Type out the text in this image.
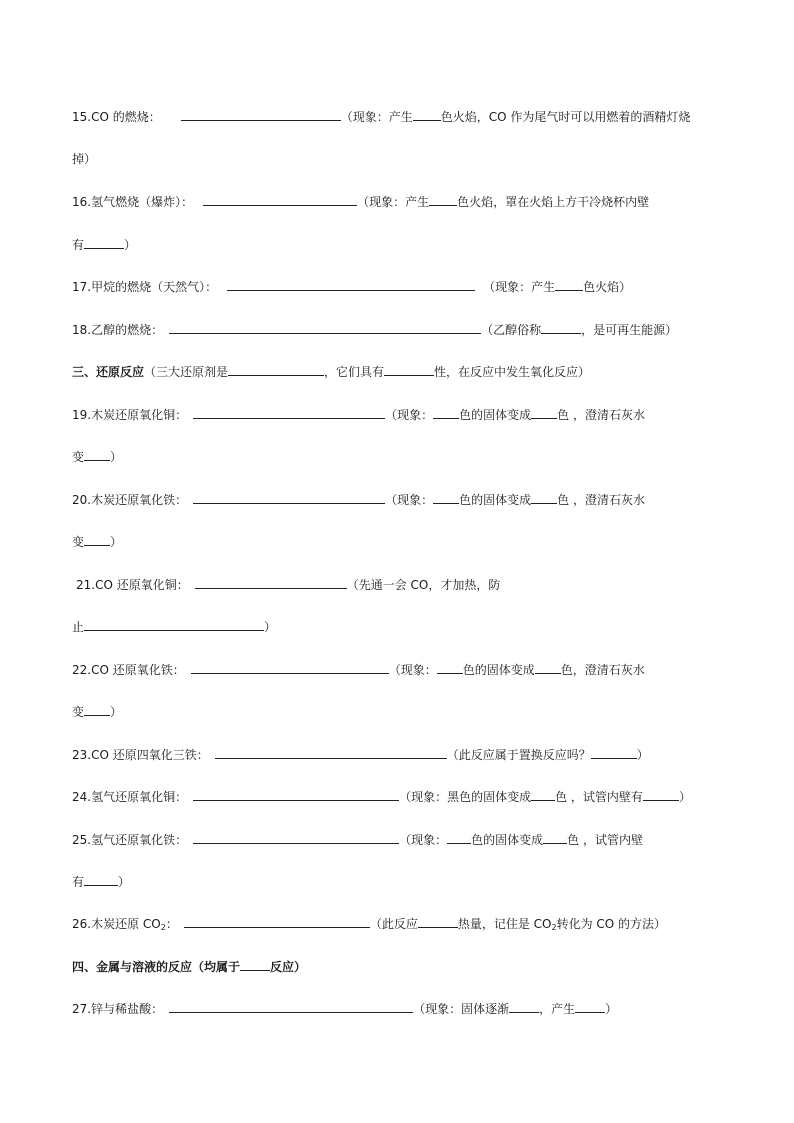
15.CO 的燃烧：	（现象：产生 色火焰，CO 作为尾气时可以用燃着的酒精灯烧
掉）
16.氢气燃烧（爆炸）：	（现象：产生 色火焰，罩在火焰上方干冷烧杯内壁
有	）
17.甲烷的燃烧（天然气）：	（现象：产生 色火焰）
18.乙醇的燃烧：	（乙醇俗称	，是可再生能源）
三、还原反应（三大还原剂是	，它们具有	性，在反应中发生氧化反应）
19.木炭还原氧化铜：	（现象： 色的固体变成 色 ，澄清石灰水
变 ）
20.木炭还原氧化铁：	（现象： 色的固体变成 色 ，澄清石灰水
变 ）
21.CO 还原氧化铜：	（先通一会 CO，才加热，防
止	）
22.CO 还原氧化铁：	（现象： 色的固体变成 色，澄清石灰水
变 ）
23.CO 还原四氧化三铁：	（此反应属于置换反应吗？	）
24.氢气还原氧化铜：	（现象：黑色的固体变成 色 ，试管内壁有	）
25.氢气还原氧化铁：	（现象： 色的固体变成 色 ，试管内壁
有	）
26.木炭还原 $CO_2$：	（此反应	热量，记住是 $CO_2$转化为 CO 的方法）
四、金属与溶液的反应（均属于	反应）
27.锌与稀盐酸：	（现象：固体逐渐	，产生	）
